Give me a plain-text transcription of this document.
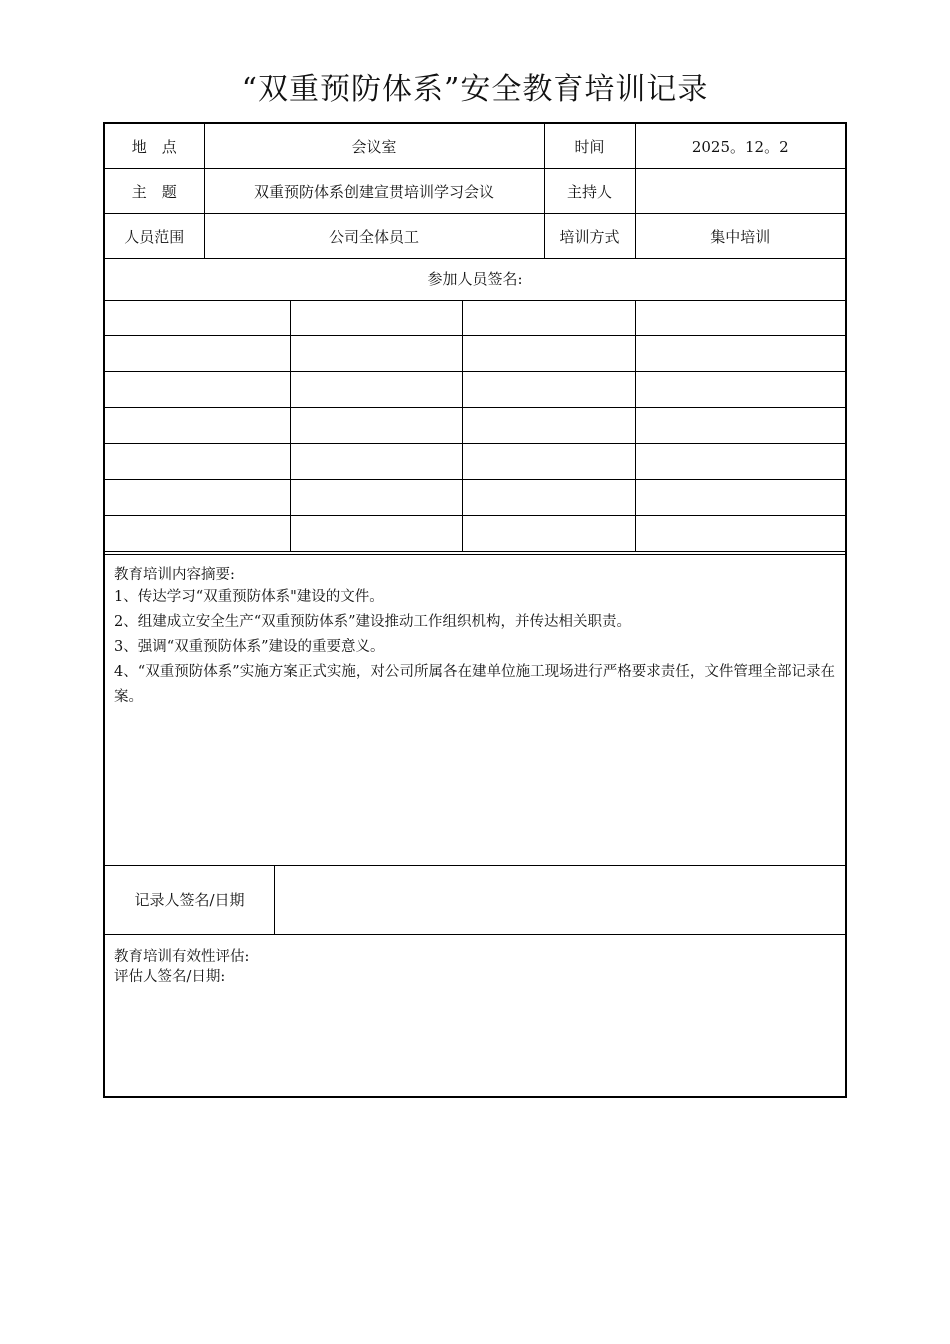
“双重预防体系”安全教育培训记录
地　点	会议室	时间	2025。12。2
主　题	双重预防体系创建宣贯培训学习会议	主持人	
人员范围	公司全体员工	培训方式	集中培训
参加人员签名:

教育培训内容摘要:
1、传达学习“双重预防体系"建设的文件。
2、组建成立安全生产“双重预防体系”建设推动工作组织机构，并传达相关职责。
3、强调“双重预防体系”建设的重要意义。
4、“双重预防体系”实施方案正式实施，对公司所属各在建单位施工现场进行严格要求责任，文件管理全部记录在案。
记录人签名/日期
教育培训有效性评估:
评估人签名/日期:
